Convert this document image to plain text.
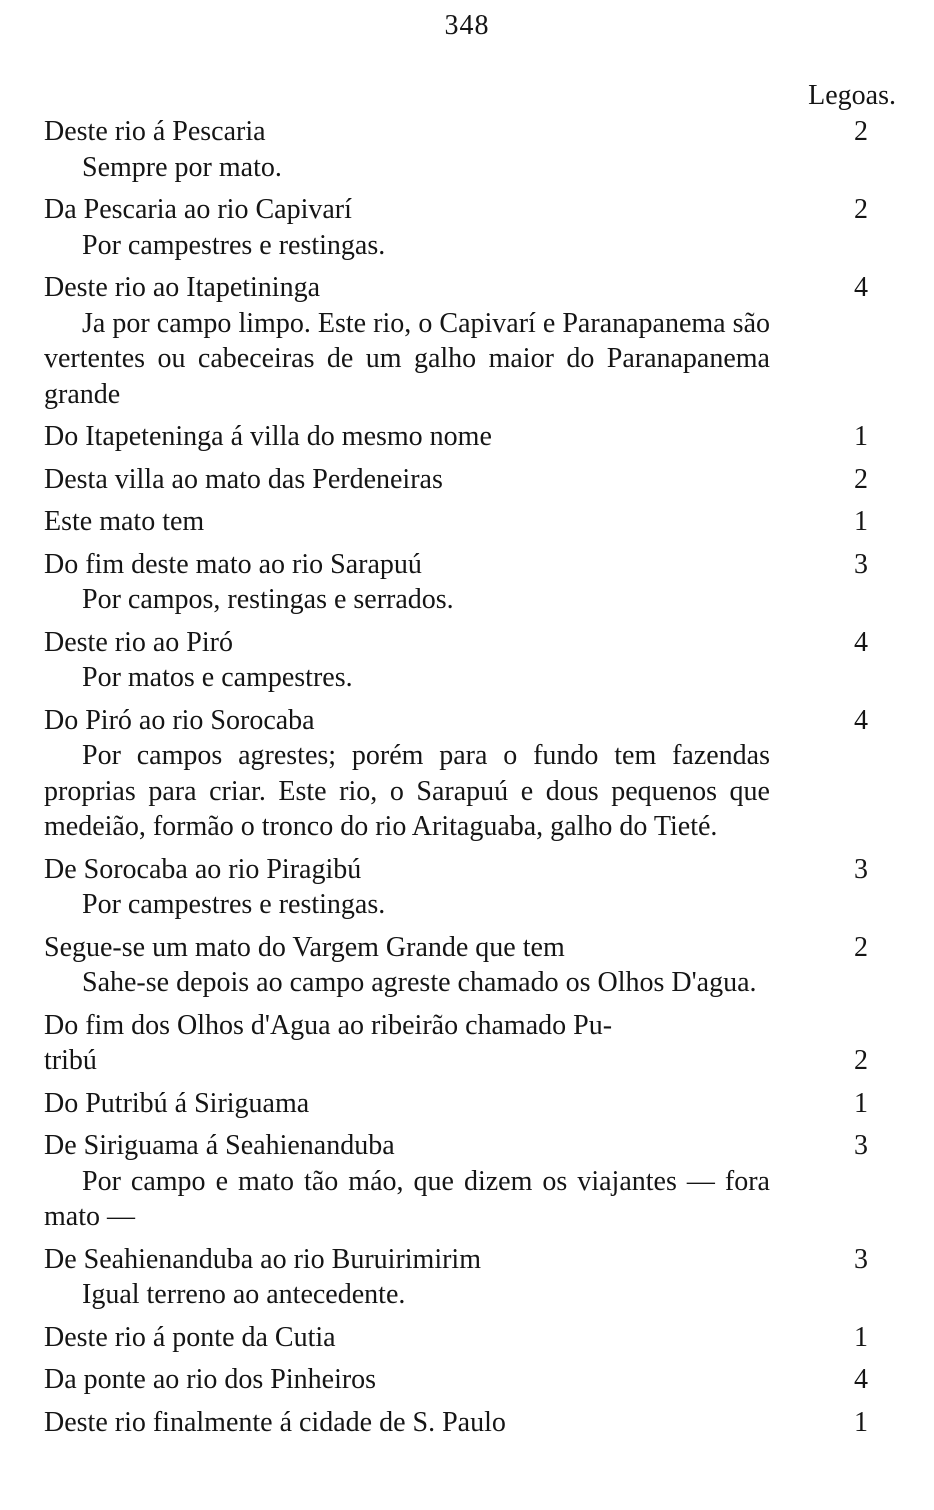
348
Legoas.
Deste rio á Pescaria	2
Sempre por mato.
Da Pescaria ao rio Capivarí	2
Por campestres e restingas.
Deste rio ao Itapetininga	4
Ja por campo limpo. Este rio, o Capivarí e Paranapanema são vertentes ou cabeceiras de um galho maior do Paranapanema grande
Do Itapeteninga á villa do mesmo nome	1
Desta villa ao mato das Perdeneiras	2
Este mato tem	1
Do fim deste mato ao rio Sarapuú	3
Por campos, restingas e serrados.
Deste rio ao Piró	4
Por matos e campestres.
Do Piró ao rio Sorocaba	4
Por campos agrestes; porém para o fundo tem fazendas proprias para criar. Este rio, o Sarapuú e dous pequenos que medeião, formão o tronco do rio Aritaguaba, galho do Tieté.
De Sorocaba ao rio Piragibú	3
Por campestres e restingas.
Segue-se um mato do Vargem Grande que tem	2
Sahe-se depois ao campo agreste chamado os Olhos D'agua.
Do fim dos Olhos d'Agua ao ribeirão chamado Pu-
tribú	2
Do Putribú á Siriguama	1
De Siriguama á Seahienanduba	3
Por campo e mato tão máo, que dizem os viajantes — fora mato —
De Seahienanduba ao rio Buruirimirim	3
Igual terreno ao antecedente.
Deste rio á ponte da Cutia	1
Da ponte ao rio dos Pinheiros	4
Deste rio finalmente á cidade de S. Paulo	1
